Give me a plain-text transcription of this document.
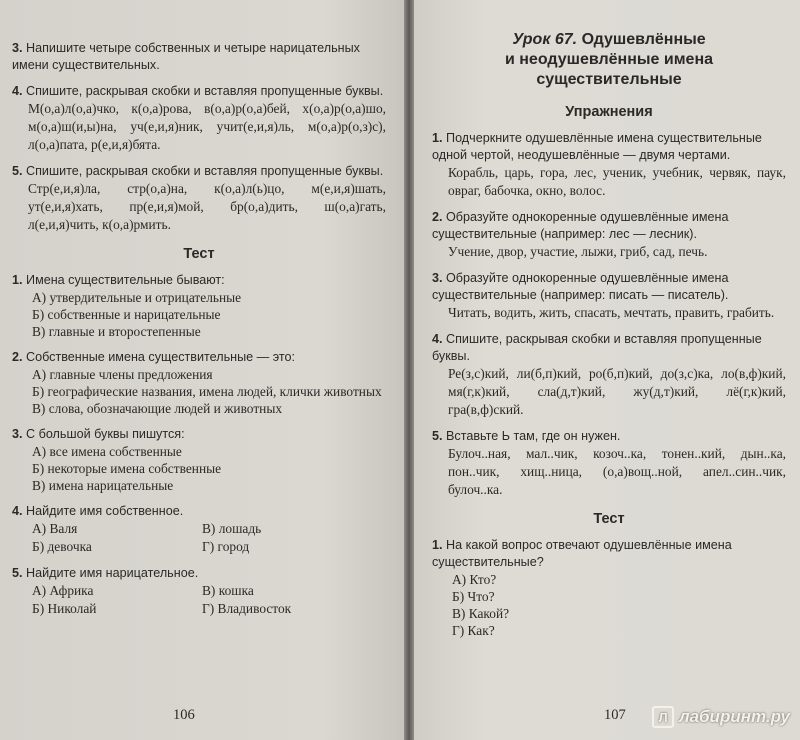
3. Напишите четыре собственных и четыре нарицательных имени существительных.

4. Спишите, раскрывая скобки и вставляя пропущенные буквы.

М(о,а)л(о,а)чко, к(о,а)рова, в(о,а)р(о,а)бей, х(о,а)р(о,а)шо, м(о,а)ш(и,ы)на, уч(е,и,я)ник, учит(е,и,я)ль, м(о,а)р(о,з)с), л(о,а)пата, р(е,и,я)бята.

5. Спишите, раскрывая скобки и вставляя пропущенные буквы.

Стр(е,и,я)ла, стр(о,а)на, к(о,а)л(ь)цо, м(е,и,я)шать, ут(е,и,я)хать, пр(е,и,я)мой, бр(о,а)дить, ш(о,а)гать, л(е,и,я)чить, к(о,а)рмить.

Тест

1. Имена существительные бывают:

А) утвердительные и отрицательные
Б) собственные и нарицательные
В) главные и второстепенные

2. Собственные имена существительные — это:

А) главные члены предложения
Б) географические названия, имена людей, клички животных
В) слова, обозначающие людей и животных

3. С большой буквы пишутся:

А) все имена собственные
Б) некоторые имена собственные
В) имена нарицательные

4. Найдите имя собственное.

А) Валя	В) лошадь
Б) девочка	Г) город

5. Найдите имя нарицательное.

А) Африка	В) кошка
Б) Николай	Г) Владивосток
106
Урок 67. Одушевлённые
и неодушевлённые имена
существительные
Упражнения

1. Подчеркните одушевлённые имена существительные одной чертой, неодушевлённые — двумя чертами.

Корабль, царь, гора, лес, ученик, учебник, червяк, паук, овраг, бабочка, окно, волос.

2. Образуйте однокоренные одушевлённые имена существительные (например: лес — лесник).

Учение, двор, участие, лыжи, гриб, сад, печь.

3. Образуйте однокоренные одушевлённые имена существительные (например: писать — писатель).

Читать, водить, жить, спасать, мечтать, править, грабить.

4. Спишите, раскрывая скобки и вставляя пропущенные буквы.

Ре(з,с)кий, ли(б,п)кий, ро(б,п)кий, до(з,с)ка, ло(в,ф)кий, мя(г,к)кий, сла(д,т)кий, жу(д,т)кий, лё(г,к)кий, гра(в,ф)ский.

5. Вставьте Ь там, где он нужен.

Булоч..ная, мал..чик, козоч..ка, тонен..кий, дын..ка, пон..чик, хищ..ница, (о,а)вощ..ной, апел..син..чик, булоч..ка.

Тест

1. На какой вопрос отвечают одушевлённые имена существительные?

А) Кто?
Б) Что?
В) Какой?
Г) Как?
107	Л лабиринт.ру
